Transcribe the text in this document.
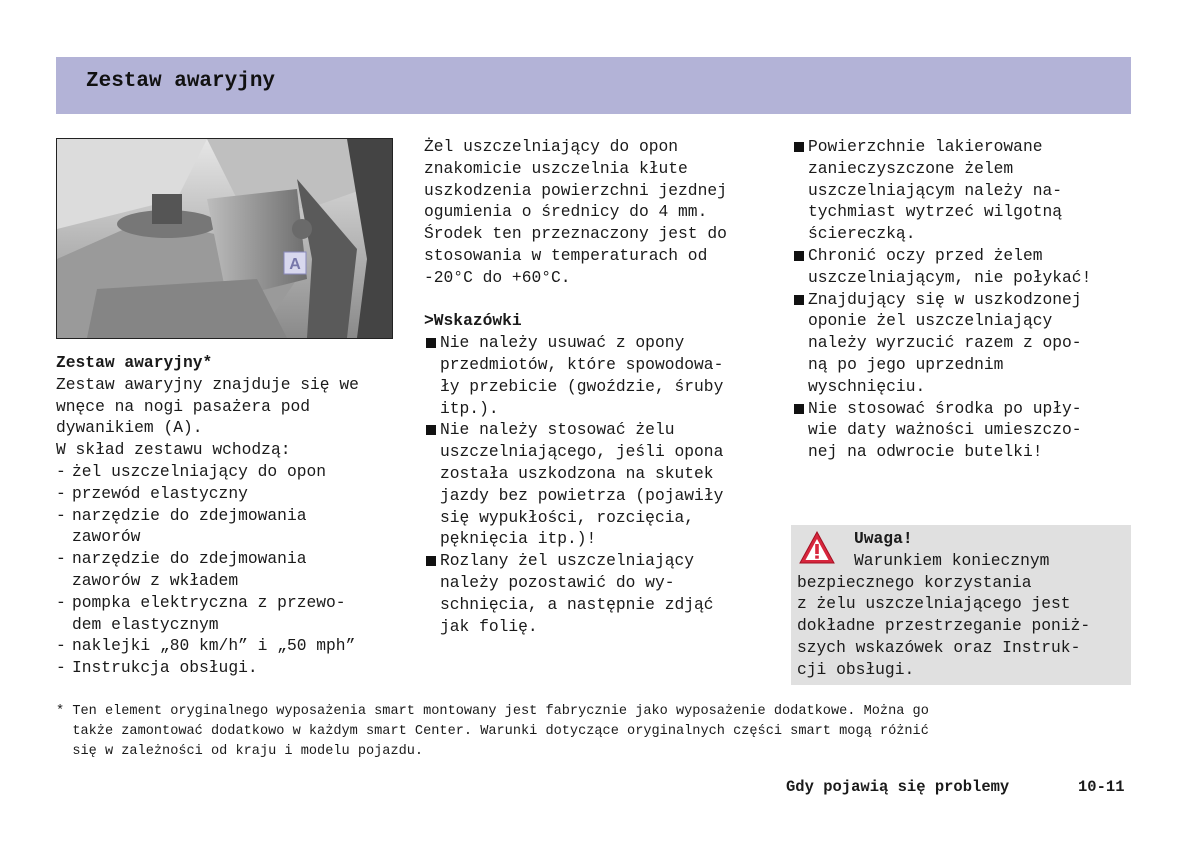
Zestaw awaryjny
A
Zestaw awaryjny*
Zestaw awaryjny znajduje się we
wnęce na nogi pasażera pod
dywanikiem (A).
W skład zestawu wchodzą:
- żel uszczelniający do opon
- przewód elastyczny
- narzędzie do zdejmowania
zaworów
- narzędzie do zdejmowania
zaworów z wkładem
- pompka elektryczna z przewo-
dem elastycznym
- naklejki „80 km/h” i „50 mph”
- Instrukcja obsługi.
Żel uszczelniający do opon
znakomicie uszczelnia kłute
uszkodzenia powierzchni jezdnej
ogumienia o średnicy do 4 mm.
Środek ten przeznaczony jest do
stosowania w temperaturach od
-20°C do +60°C.
>Wskazówki
Nie należy usuwać z opony
przedmiotów, które spowodowa-
ły przebicie (gwoździe, śruby
itp.).
Nie należy stosować żelu
uszczelniającego, jeśli opona
została uszkodzona na skutek
jazdy bez powietrza (pojawiły
się wypukłości, rozcięcia,
pęknięcia itp.)!
Rozlany żel uszczelniający
należy pozostawić do wy-
schnięcia, a następnie zdjąć
jak folię.
Powierzchnie lakierowane
zanieczyszczone żelem
uszczelniającym należy na-
tychmiast wytrzeć wilgotną
ściereczką.
Chronić oczy przed żelem
uszczelniającym, nie połykać!
Znajdujący się w uszkodzonej
oponie żel uszczelniający
należy wyrzucić razem z opo-
ną po jego uprzednim
wyschnięciu.
Nie stosować środka po upły-
wie daty ważności umieszczo-
nej na odwrocie butelki!
Uwaga!
Warunkiem koniecznym
bezpiecznego korzystania
z żelu uszczelniającego jest
dokładne przestrzeganie poniż-
szych wskazówek oraz Instruk-
cji obsługi.
* Ten element oryginalnego wyposażenia smart montowany jest fabrycznie jako wyposażenie dodatkowe. Można go
także zamontować dodatkowo w każdym smart Center. Warunki dotyczące oryginalnych części smart mogą różnić
się w zależności od kraju i modelu pojazdu.
Gdy pojawią się problemy	10-11
